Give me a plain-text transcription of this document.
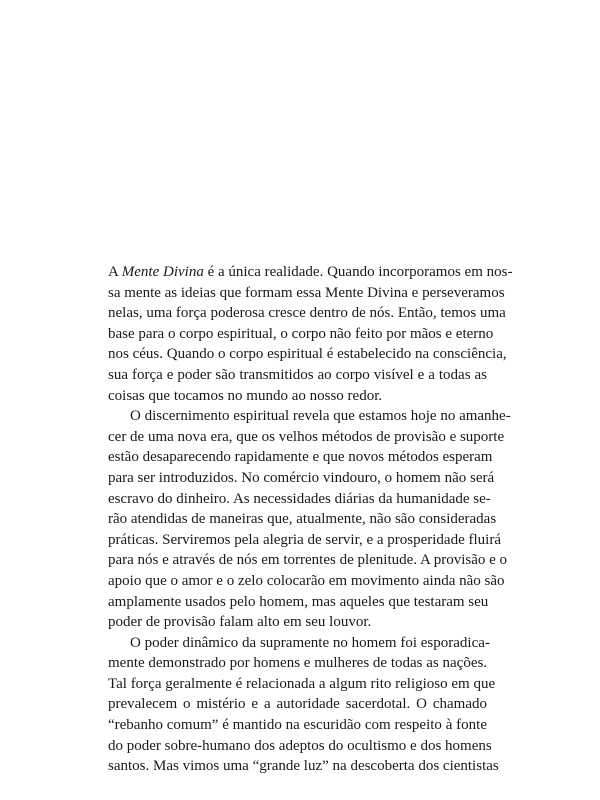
A Mente Divina é a única realidade. Quando incorporamos em nos-
sa mente as ideias que formam essa Mente Divina e perseveramos
nelas, uma força poderosa cresce dentro de nós. Então, temos uma
base para o corpo espiritual, o corpo não feito por mãos e eterno
nos céus. Quando o corpo espiritual é estabelecido na consciência,
sua força e poder são transmitidos ao corpo visível e a todas as
coisas que tocamos no mundo ao nosso redor.
O discernimento espiritual revela que estamos hoje no amanhe-
cer de uma nova era, que os velhos métodos de provisão e suporte
estão desaparecendo rapidamente e que novos métodos esperam
para ser introduzidos. No comércio vindouro, o homem não será
escravo do dinheiro. As necessidades diárias da humanidade se-
rão atendidas de maneiras que, atualmente, não são consideradas
práticas. Serviremos pela alegria de servir, e a prosperidade fluirá
para nós e através de nós em torrentes de plenitude. A provisão e o
apoio que o amor e o zelo colocarão em movimento ainda não são
amplamente usados pelo homem, mas aqueles que testaram seu
poder de provisão falam alto em seu louvor.
O poder dinâmico da supramente no homem foi esporadica-
mente demonstrado por homens e mulheres de todas as nações.
Tal força geralmente é relacionada a algum rito religioso em que
prevalecem o mistério e a autoridade sacerdotal. O chamado
“rebanho comum” é mantido na escuridão com respeito à fonte
do poder sobre-humano dos adeptos do ocultismo e dos homens
santos. Mas vimos uma “grande luz” na descoberta dos cientistas
